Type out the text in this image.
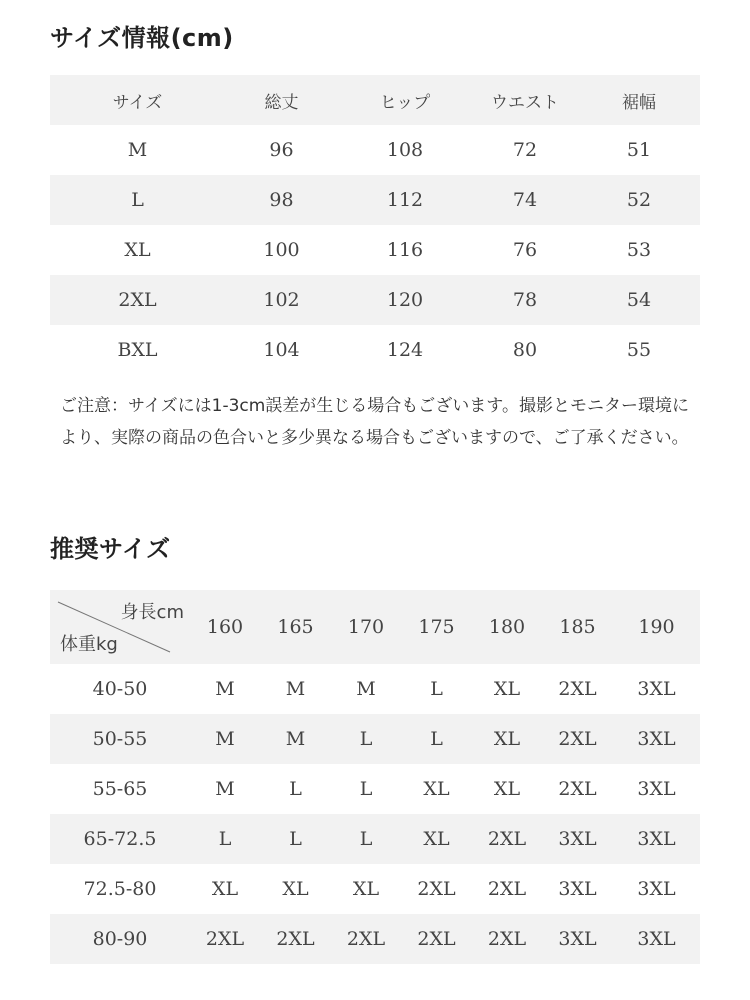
サイズ情報(cm)
サイズ	総丈	ヒップ	ウエスト	裾幅
M	96	108	72	51
L	98	112	74	52
XL	100	116	76	53
2XL	102	120	78	54
BXL	104	124	80	55

ご注意：サイズには1-3cm誤差が生じる場合もございます。撮影とモニター環境により、実際の商品の色合いと多少異なる場合もございますので、ご了承ください。

推奨サイズ
身長cm
体重kg	160	165	170	175	180	185	190
40-50	M	M	M	L	XL	2XL	3XL
50-55	M	M	L	L	XL	2XL	3XL
55-65	M	L	L	XL	XL	2XL	3XL
65-72.5	L	L	L	XL	2XL	3XL	3XL
72.5-80	XL	XL	XL	2XL	2XL	3XL	3XL
80-90	2XL	2XL	2XL	2XL	2XL	3XL	3XL
